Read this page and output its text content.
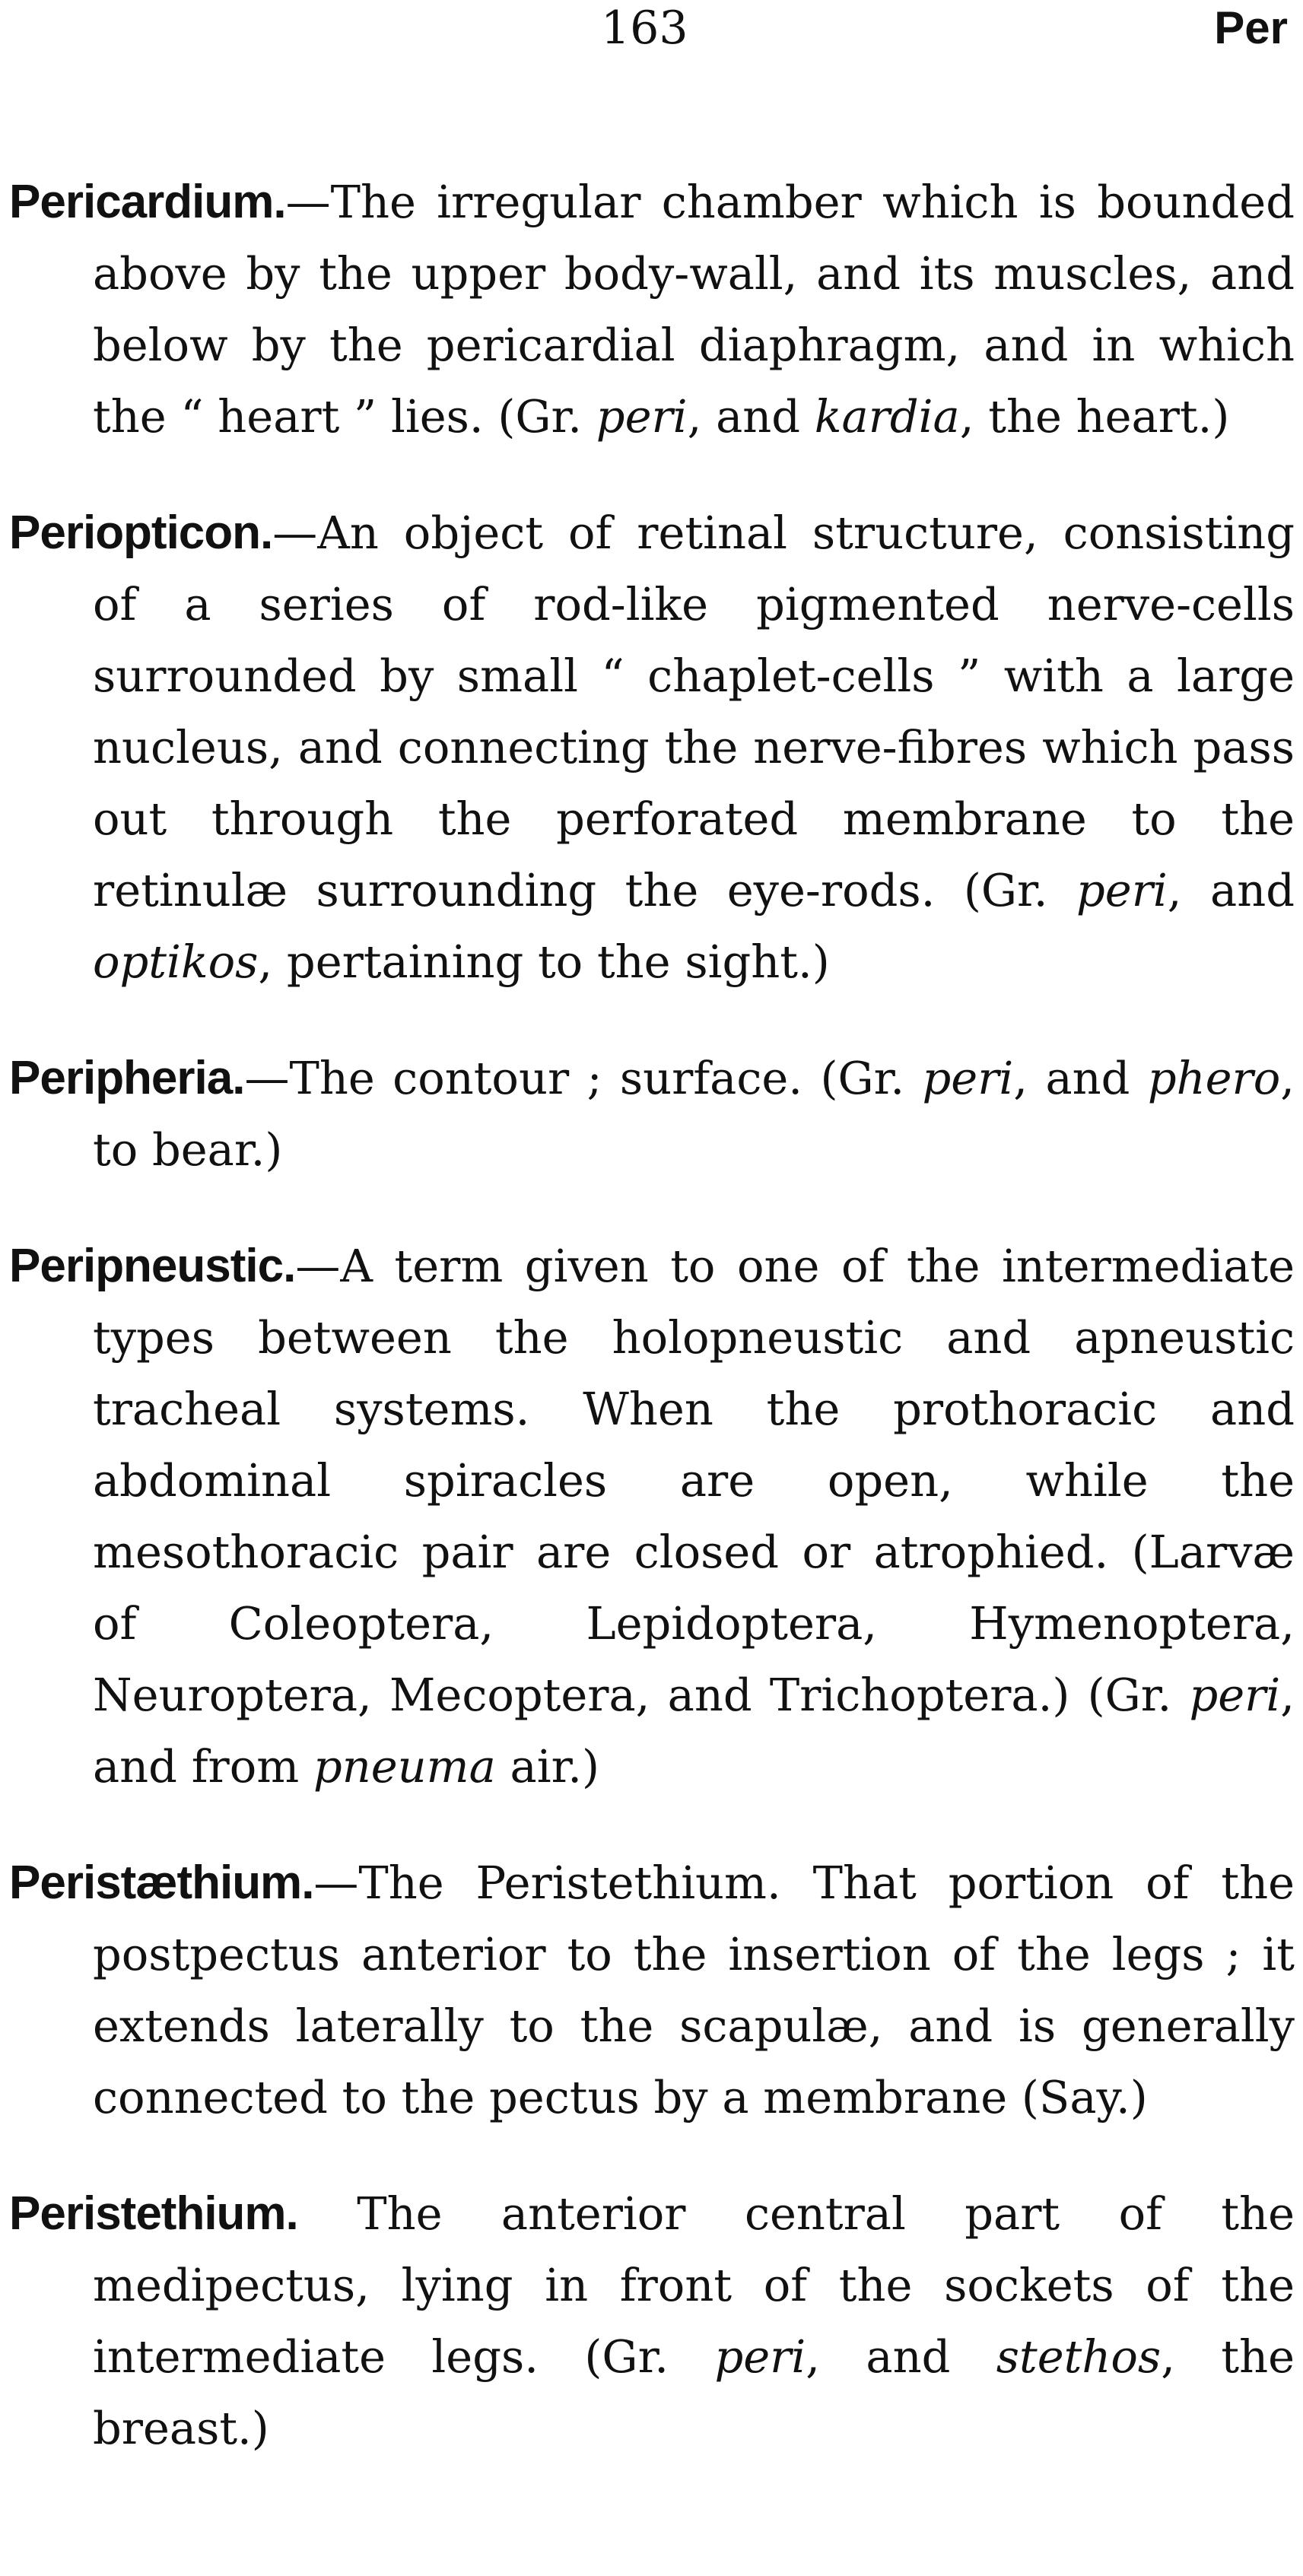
163	Per

Pericardium.—The irregular chamber which is bounded above by the upper body-wall, and its muscles, and below by the pericardial diaphragm, and in which the “ heart ” lies. (Gr. peri, and kardia, the heart.)

Periopticon.—An object of retinal structure, consisting of a series of rod-like pigmented nerve-cells surrounded by small “ chaplet-cells ” with a large nucleus, and connecting the nerve-fibres which pass out through the perforated membrane to the retinulæ surrounding the eye-rods. (Gr. peri, and optikos, pertaining to the sight.)

Peripheria.—The contour ; surface. (Gr. peri, and phero, to bear.)

Peripneustic.—A term given to one of the intermediate types between the holopneustic and apneustic tracheal systems. When the prothoracic and abdominal spiracles are open, while the mesothoracic pair are closed or atrophied. (Larvæ of Coleoptera, Lepidoptera, Hymenoptera, Neuroptera, Mecoptera, and Trichoptera.) (Gr. peri, and from pneuma air.)

Peristæthium.—The Peristethium. That portion of the postpectus anterior to the insertion of the legs ; it extends laterally to the scapulæ, and is generally connected to the pectus by a membrane (Say.)

Peristethium. The anterior central part of the medipectus, lying in front of the sockets of the intermediate legs. (Gr. peri, and stethos, the breast.)
